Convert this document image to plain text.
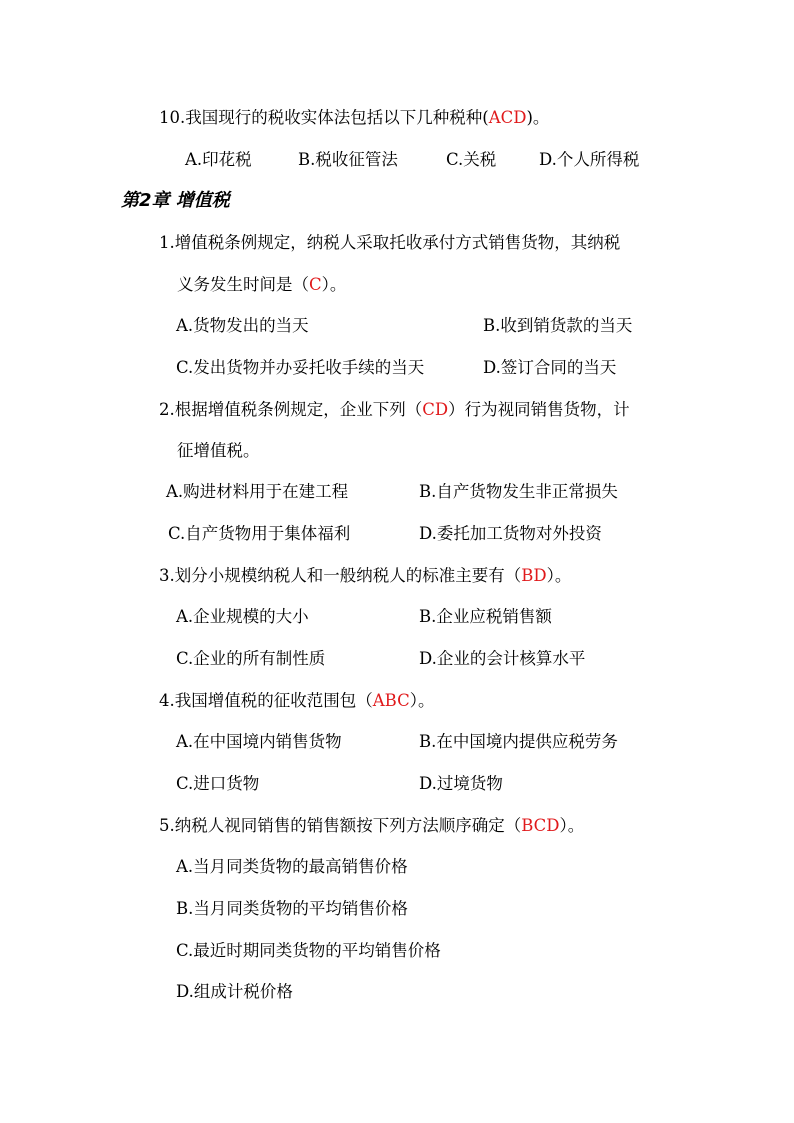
10.我国现行的税收实体法包括以下几种税种(ACD)。
A.印花税	B.税收征管法	C.关税	D.个人所得税
第2章 增值税
1.增值税条例规定，纳税人采取托收承付方式销售货物，其纳税
义务发生时间是（C）。
A.货物发出的当天	B.收到销货款的当天
C.发出货物并办妥托收手续的当天	D.签订合同的当天
2.根据增值税条例规定，企业下列（CD）行为视同销售货物，计
征增值税。
A.购进材料用于在建工程	B.自产货物发生非正常损失
C.自产货物用于集体福利	D.委托加工货物对外投资
3.划分小规模纳税人和一般纳税人的标准主要有（BD）。
A.企业规模的大小	B.企业应税销售额
C.企业的所有制性质	D.企业的会计核算水平
4.我国增值税的征收范围包（ABC）。
A.在中国境内销售货物	B.在中国境内提供应税劳务
C.进口货物	D.过境货物
5.纳税人视同销售的销售额按下列方法顺序确定（BCD）。
A.当月同类货物的最高销售价格
B.当月同类货物的平均销售价格
C.最近时期同类货物的平均销售价格
D.组成计税价格
